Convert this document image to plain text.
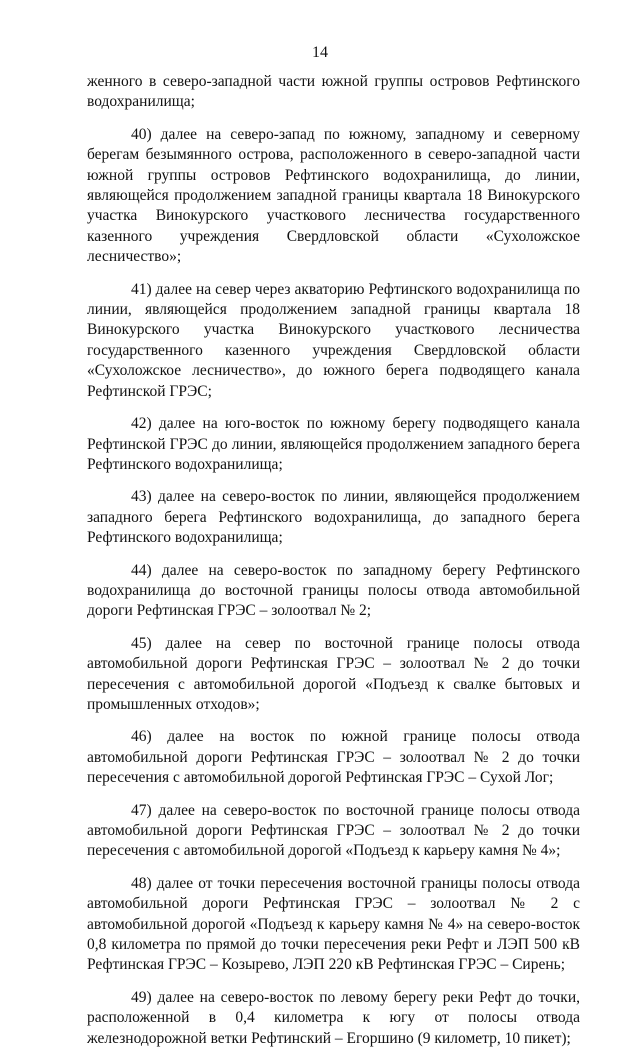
14

женного в северо-западной части южной группы островов Рефтинского водохранилища;

40) далее на северо-запад по южному, западному и северному берегам безымянного острова, расположенного в северо-западной части южной группы островов Рефтинского водохранилища, до линии, являющейся продолжением западной границы квартала 18 Винокурского участка Винокурского участкового лесничества государственного казенного учреждения Свердловской области «Сухоложское лесничество»;

41) далее на север через акваторию Рефтинского водохранилища по линии, являющейся продолжением западной границы квартала 18 Винокурского участка Винокурского участкового лесничества государственного казенного учреждения Свердловской области «Сухоложское лесничество», до южного берега подводящего канала Рефтинской ГРЭС;

42) далее на юго-восток по южному берегу подводящего канала Рефтинской ГРЭС до линии, являющейся продолжением западного берега Рефтинского водохранилища;

43) далее на северо-восток по линии, являющейся продолжением западного берега Рефтинского водохранилища, до западного берега Рефтинского водохранилища;

44) далее на северо-восток по западному берегу Рефтинского водохранилища до восточной границы полосы отвода автомобильной дороги Рефтинская ГРЭС – золоотвал № 2;

45) далее на север по восточной границе полосы отвода автомобильной дороги Рефтинская ГРЭС – золоотвал № 2 до точки пересечения с автомобильной дорогой «Подъезд к свалке бытовых и промышленных отходов»;

46) далее на восток по южной границе полосы отвода автомобильной дороги Рефтинская ГРЭС – золоотвал № 2 до точки пересечения с автомобильной дорогой Рефтинская ГРЭС – Сухой Лог;

47) далее на северо-восток по восточной границе полосы отвода автомобильной дороги Рефтинская ГРЭС – золоотвал № 2 до точки пересечения с автомобильной дорогой «Подъезд к карьеру камня № 4»;

48) далее от точки пересечения восточной границы полосы отвода автомобильной дороги Рефтинская ГРЭС – золоотвал № 2 с автомобильной дорогой «Подъезд к карьеру камня № 4» на северо-восток 0,8 километра по прямой до точки пересечения реки Рефт и ЛЭП 500 кВ Рефтинская ГРЭС – Козырево, ЛЭП 220 кВ Рефтинская ГРЭС – Сирень;

49) далее на северо-восток по левому берегу реки Рефт до точки, расположенной в 0,4 километра к югу от полосы отвода железнодорожной ветки Рефтинский – Егоршино (9 километр, 10 пикет);
